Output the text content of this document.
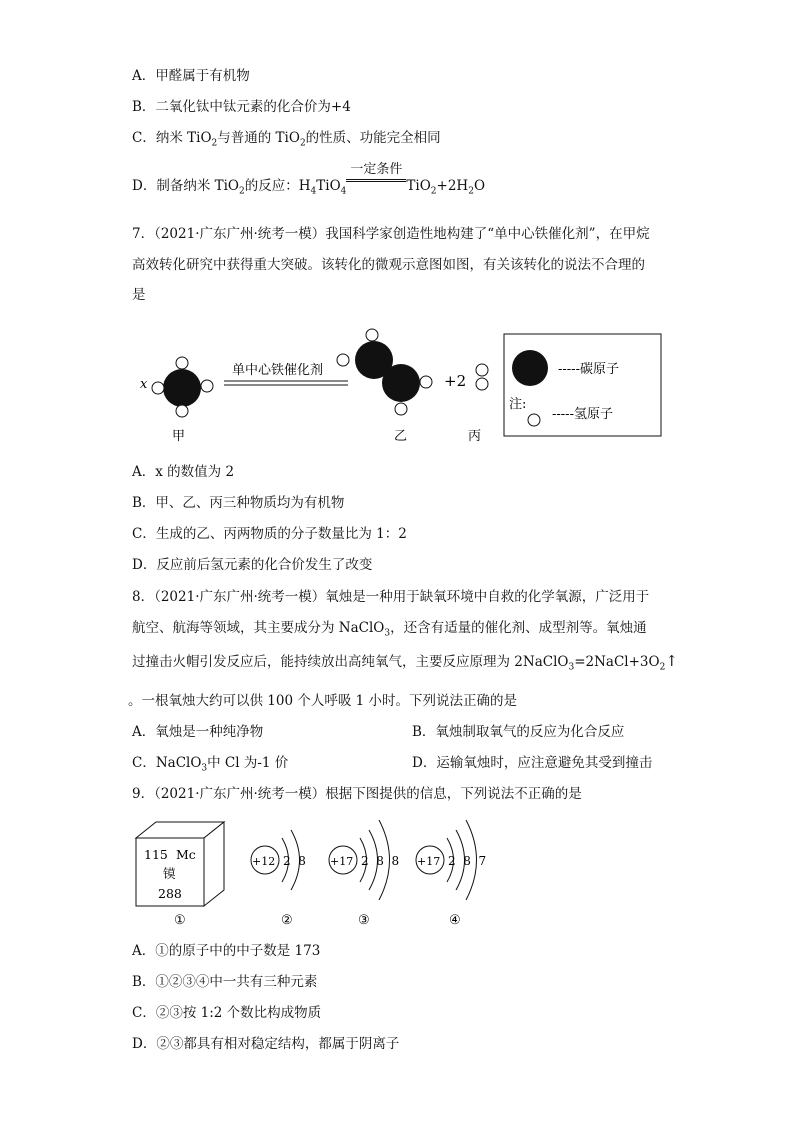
A．甲醛属于有机物
B．二氧化钛中钛元素的化合价为+4
C．纳米 TiO$_2$与普通的 TiO$_2$的性质、功能完全相同
D．制备纳米 TiO$_2$的反应：$H_4TiO_4$
一定条件
$TiO_2+2H_2O$
7．（2021·广东广州·统考一模）我国科学家创造性地构建了“单中心铁催化剂”，在甲烷
高效转化研究中获得重大突破。该转化的微观示意图如图，有关该转化的说法不合理的
是
x
甲
单中心铁催化剂
乙
+2
丙
-----碳原子
注:
-----氢原子
A．x 的数值为 2
B．甲、乙、丙三种物质均为有机物
C．生成的乙、丙两物质的分子数量比为 1：2
D．反应前后氢元素的化合价发生了改变
8．（2021·广东广州·统考一模）氧烛是一种用于缺氧环境中自救的化学氧源，广泛用于
航空、航海等领域，其主要成分为 NaClO$_3$，还含有适量的催化剂、成型剂等。氧烛通
过撞击火帽引发反应后，能持续放出高纯氧气，主要反应原理为 $2NaClO_3=2NaCl+3O_2↑$
。一根氧烛大约可以供 100 个人呼吸 1 小时。下列说法正确的是
A．氧烛是一种纯净物	B．氧烛制取氧气的反应为化合反应
C．NaClO$_3$中 Cl 为-1 价	D．运输氧烛时，应注意避免其受到撞击
9．（2021·广东广州·统考一模）根据下图提供的信息，下列说法不正确的是
115 Mc
镆
288
①
+12 2  8
②
+17 2  8  8
③
+17 2  8  7
④
A．①的原子中的中子数是 173
B．①②③④中一共有三种元素
C．②③按 1:2 个数比构成物质
D．②③都具有相对稳定结构，都属于阴离子
